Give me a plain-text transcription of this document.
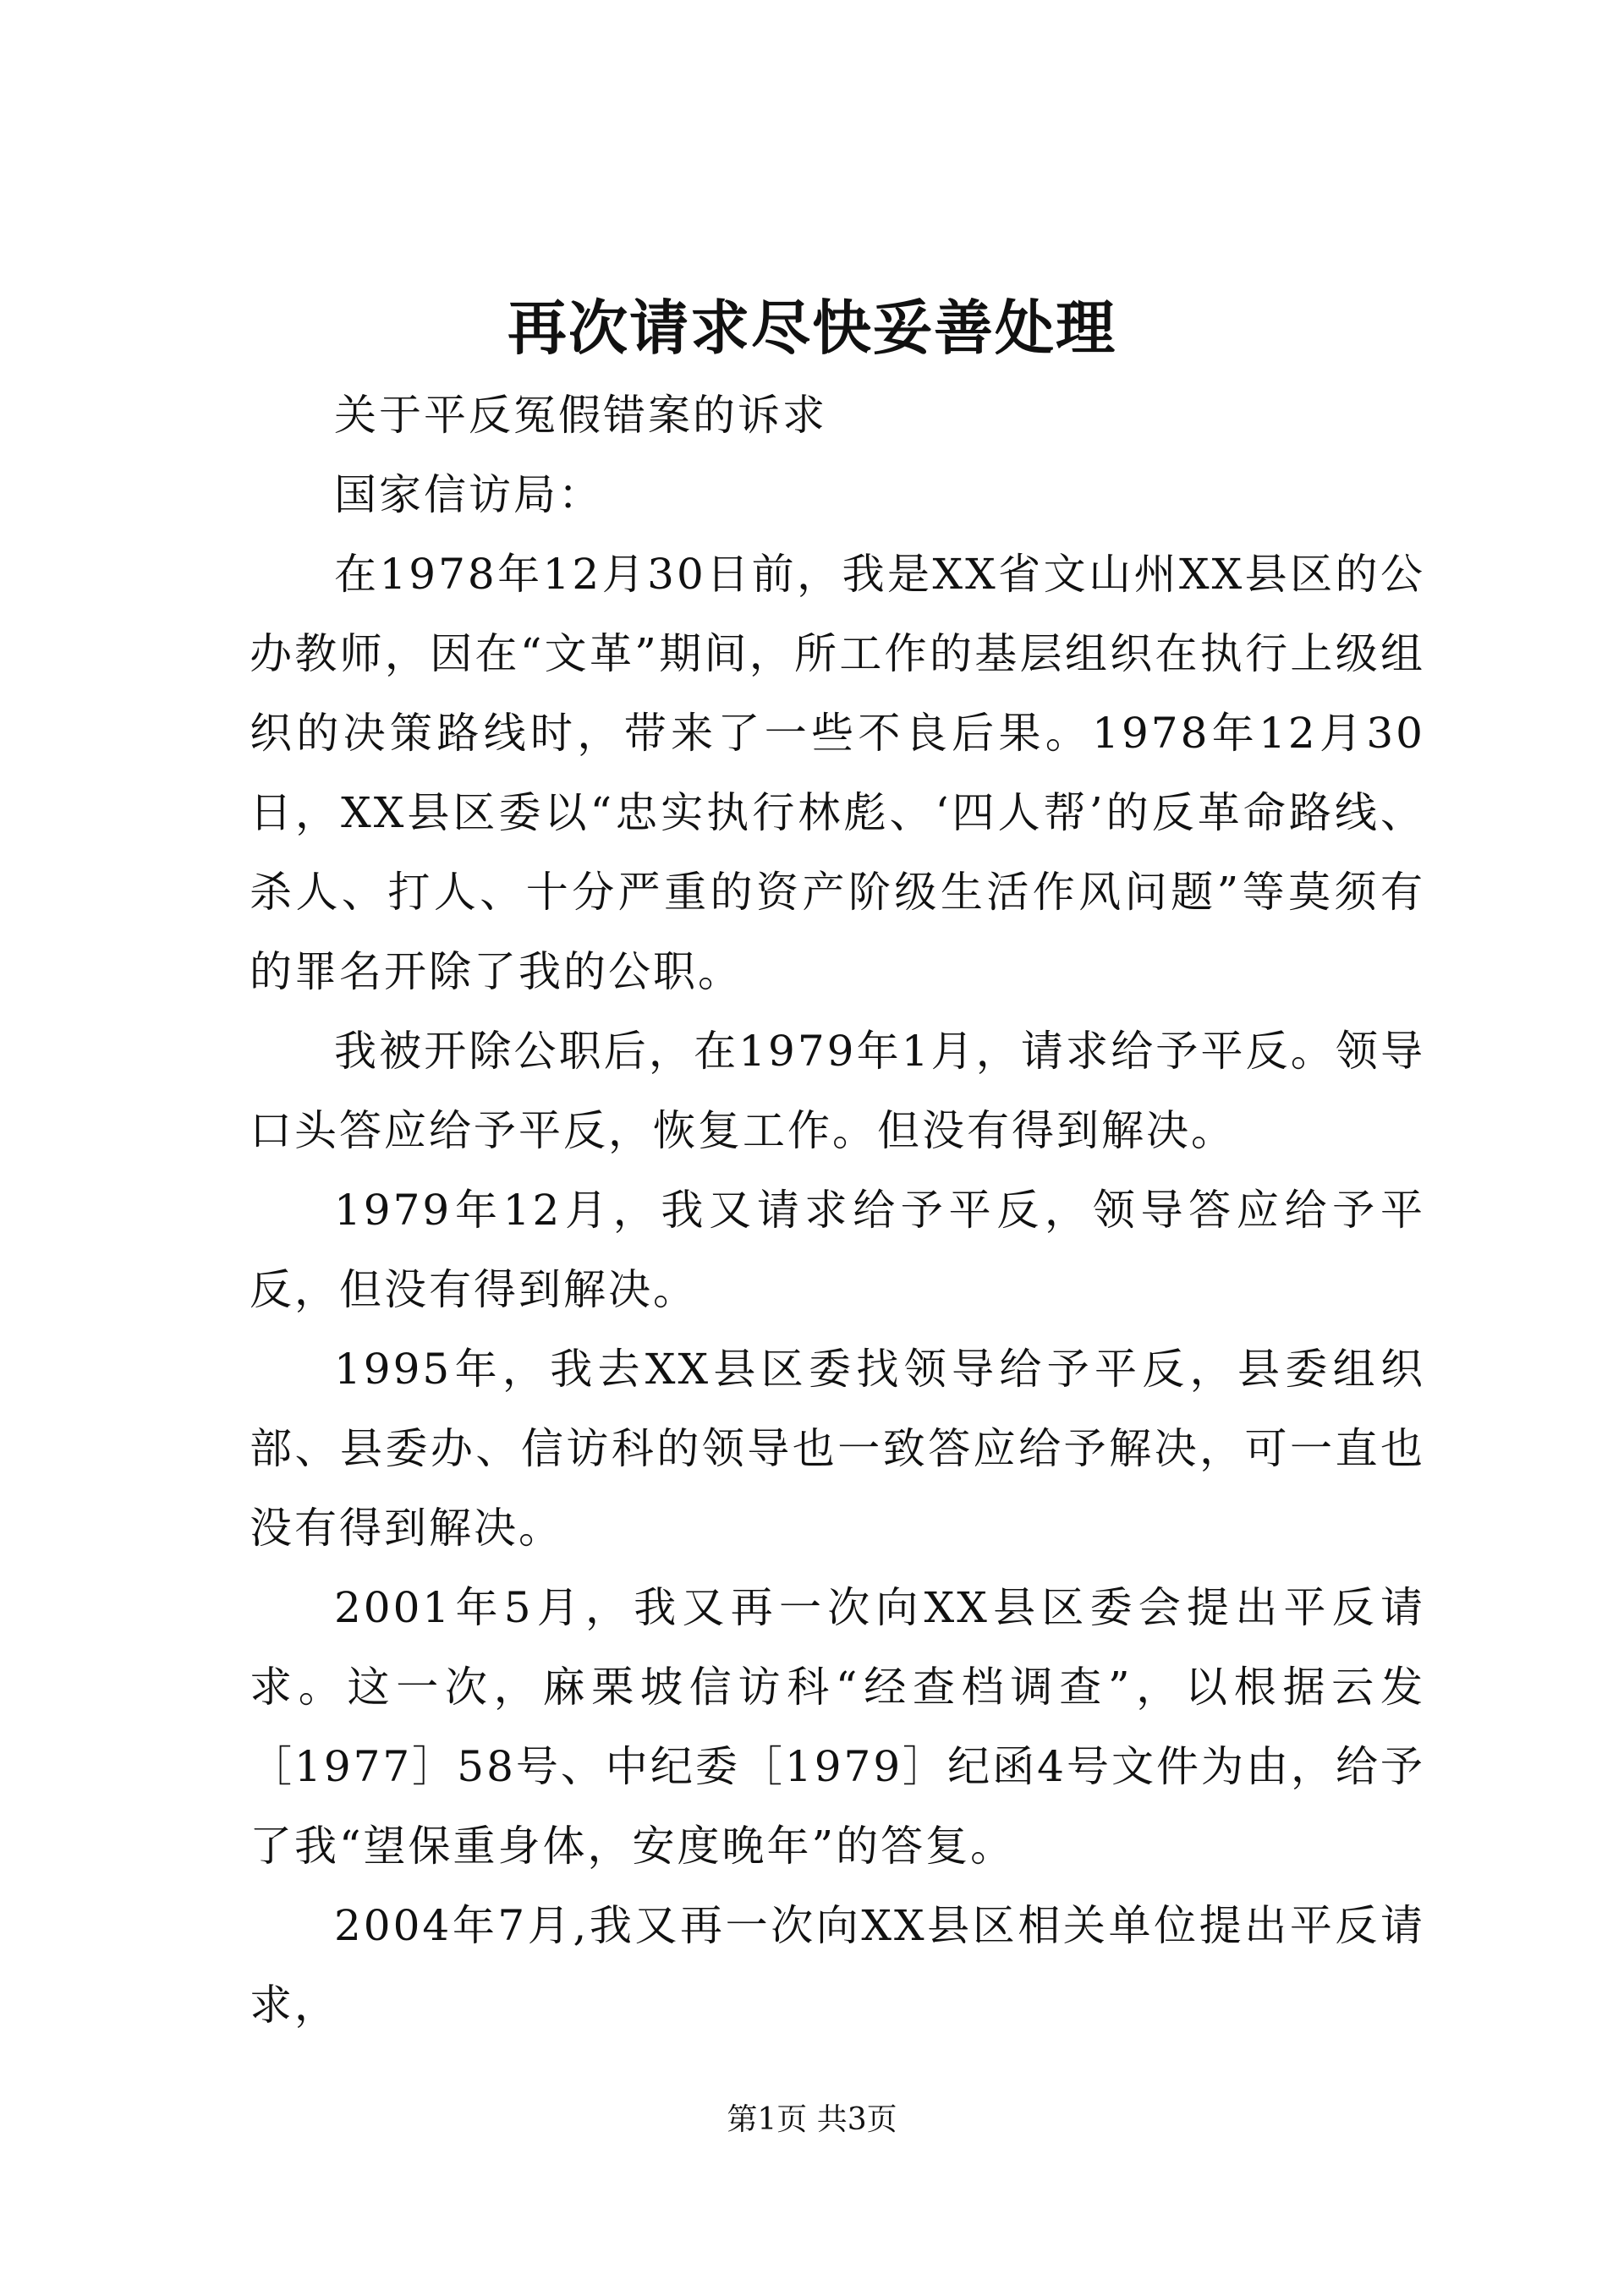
再次请求尽快妥善处理

关于平反冤假错案的诉求

国家信访局：

在1978年12月30日前，我是XX省文山州XX县区的公办教师，因在“文革”期间，所工作的基层组织在执行上级组织的决策路线时，带来了一些不良后果。1978年12月30日，XX县区委以“忠实执行林彪、‘四人帮’的反革命路线、杀人、打人、十分严重的资产阶级生活作风问题”等莫须有的罪名开除了我的公职。

我被开除公职后，在1979年1月，请求给予平反。领导口头答应给予平反，恢复工作。但没有得到解决。

1979年12月，我又请求给予平反，领导答应给予平反，但没有得到解决。

1995年，我去XX县区委找领导给予平反，县委组织部、县委办、信访科的领导也一致答应给予解决，可一直也没有得到解决。

2001年5月，我又再一次向XX县区委会提出平反请求。这一次，麻栗坡信访科“经查档调查”，以根据云发［1977］58号、中纪委［1979］纪函4号文件为由，给予了我“望保重身体，安度晚年”的答复。

2004年7月,我又再一次向XX县区相关单位提出平反请求，

第1页 共3页
